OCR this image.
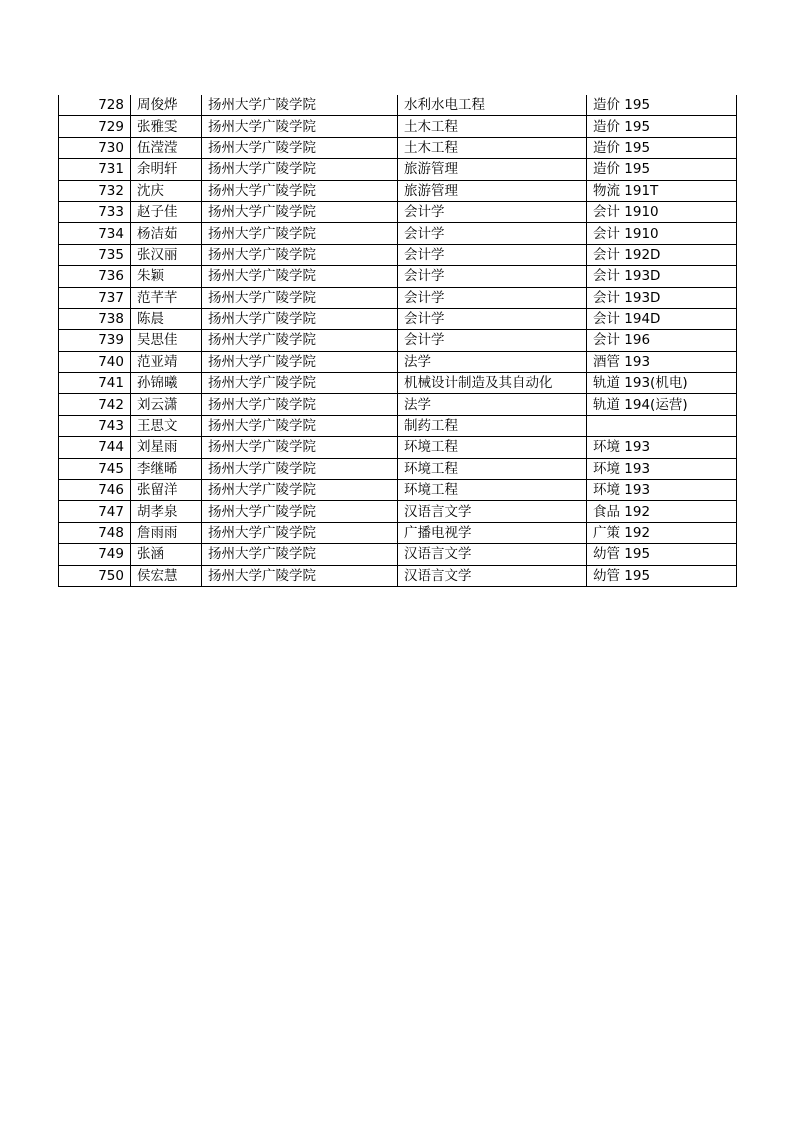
728	周俊烨	扬州大学广陵学院	水利水电工程	造价 195
729	张雅雯	扬州大学广陵学院	土木工程	造价 195
730	伍滢滢	扬州大学广陵学院	土木工程	造价 195
731	余明轩	扬州大学广陵学院	旅游管理	造价 195
732	沈庆	扬州大学广陵学院	旅游管理	物流 191T
733	赵子佳	扬州大学广陵学院	会计学	会计 1910
734	杨洁茹	扬州大学广陵学院	会计学	会计 1910
735	张汉丽	扬州大学广陵学院	会计学	会计 192D
736	朱颖	扬州大学广陵学院	会计学	会计 193D
737	范芊芊	扬州大学广陵学院	会计学	会计 193D
738	陈晨	扬州大学广陵学院	会计学	会计 194D
739	吴思佳	扬州大学广陵学院	会计学	会计 196
740	范亚靖	扬州大学广陵学院	法学	酒管 193
741	孙锦曦	扬州大学广陵学院	机械设计制造及其自动化	轨道 193(机电)
742	刘云潇	扬州大学广陵学院	法学	轨道 194(运营)
743	王思文	扬州大学广陵学院	制药工程	
744	刘星雨	扬州大学广陵学院	环境工程	环境 193
745	李继晞	扬州大学广陵学院	环境工程	环境 193
746	张留洋	扬州大学广陵学院	环境工程	环境 193
747	胡孝泉	扬州大学广陵学院	汉语言文学	食品 192
748	詹雨雨	扬州大学广陵学院	广播电视学	广策 192
749	张涵	扬州大学广陵学院	汉语言文学	幼管 195
750	侯宏慧	扬州大学广陵学院	汉语言文学	幼管 195
